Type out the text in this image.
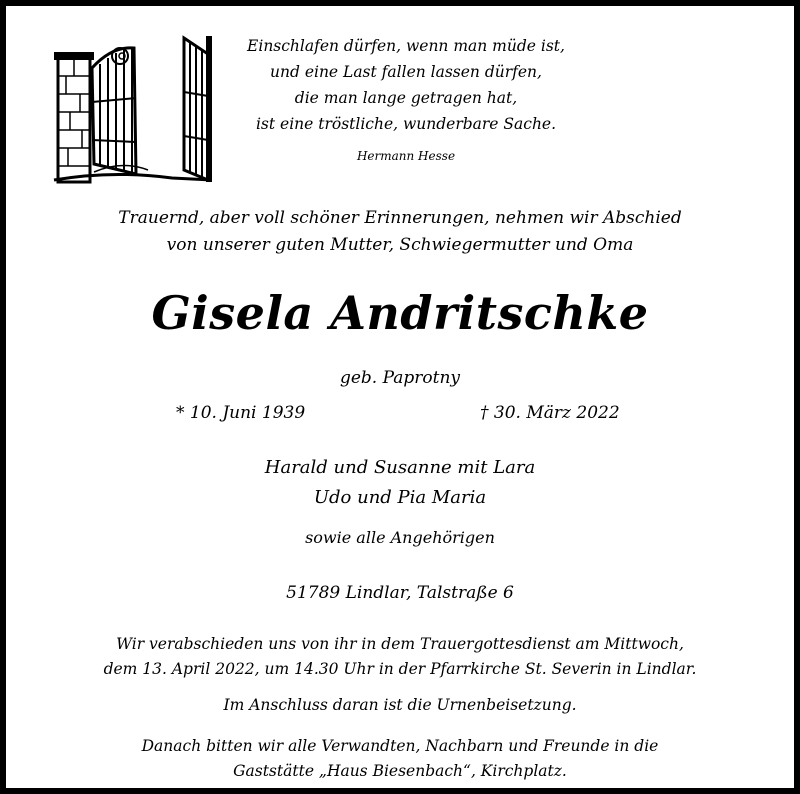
Einschlafen dürfen, wenn man müde ist,
und eine Last fallen lassen dürfen,
die man lange getragen hat,
ist eine tröstliche, wunderbare Sache.
Hermann Hesse
Trauernd, aber voll schöner Erinnerungen, nehmen wir Abschied
von unserer guten Mutter, Schwiegermutter und Oma
Gisela Andritschke
geb. Paprotny
* 10. Juni 1939	† 30. März 2022
Harald und Susanne mit Lara
Udo und Pia Maria
sowie alle Angehörigen
51789 Lindlar, Talstraße 6
Wir verabschieden uns von ihr in dem Trauergottesdienst am Mittwoch,
dem 13. April 2022, um 14.30 Uhr in der Pfarrkirche St. Severin in Lindlar.
Im Anschluss daran ist die Urnenbeisetzung.
Danach bitten wir alle Verwandten, Nachbarn und Freunde in die
Gaststätte „Haus Biesenbach“, Kirchplatz.
